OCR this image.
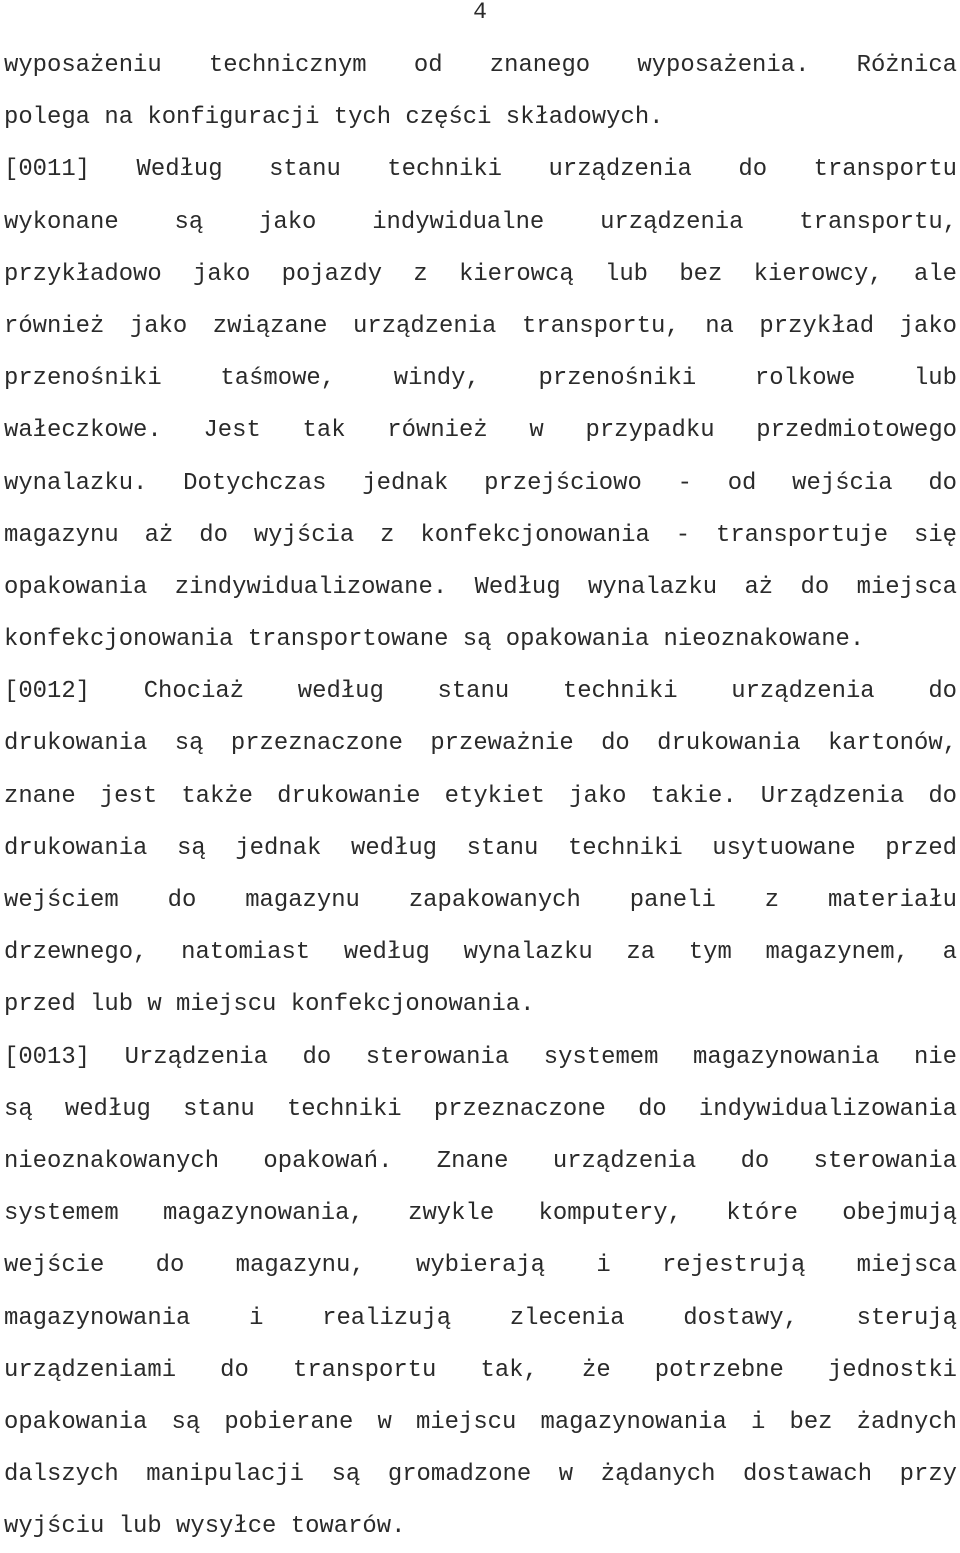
4
wyposażeniu technicznym od znanego wyposażenia. Różnica
polega na konfiguracji tych części składowych.
[0011] Według stanu techniki urządzenia do transportu
wykonane są jako indywidualne urządzenia transportu,
przykładowo jako pojazdy z kierowcą lub bez kierowcy, ale
również jako związane urządzenia transportu, na przykład jako
przenośniki taśmowe, windy, przenośniki rolkowe lub
wałeczkowe. Jest tak również w przypadku przedmiotowego
wynalazku. Dotychczas jednak przejściowo - od wejścia do
magazynu aż do wyjścia z konfekcjonowania - transportuje się
opakowania zindywidualizowane. Według wynalazku aż do miejsca
konfekcjonowania transportowane są opakowania nieoznakowane.
[0012] Chociaż według stanu techniki urządzenia do
drukowania są przeznaczone przeważnie do drukowania kartonów,
znane jest także drukowanie etykiet jako takie. Urządzenia do
drukowania są jednak według stanu techniki usytuowane przed
wejściem do magazynu zapakowanych paneli z materiału
drzewnego, natomiast według wynalazku za tym magazynem, a
przed lub w miejscu konfekcjonowania.
[0013] Urządzenia do sterowania systemem magazynowania nie
są według stanu techniki przeznaczone do indywidualizowania
nieoznakowanych opakowań. Znane urządzenia do sterowania
systemem magazynowania, zwykle komputery, które obejmują
wejście do magazynu, wybierają i rejestrują miejsca
magazynowania i realizują zlecenia dostawy, sterują
urządzeniami do transportu tak, że potrzebne jednostki
opakowania są pobierane w miejscu magazynowania i bez żadnych
dalszych manipulacji są gromadzone w żądanych dostawach przy
wyjściu lub wysyłce towarów.
